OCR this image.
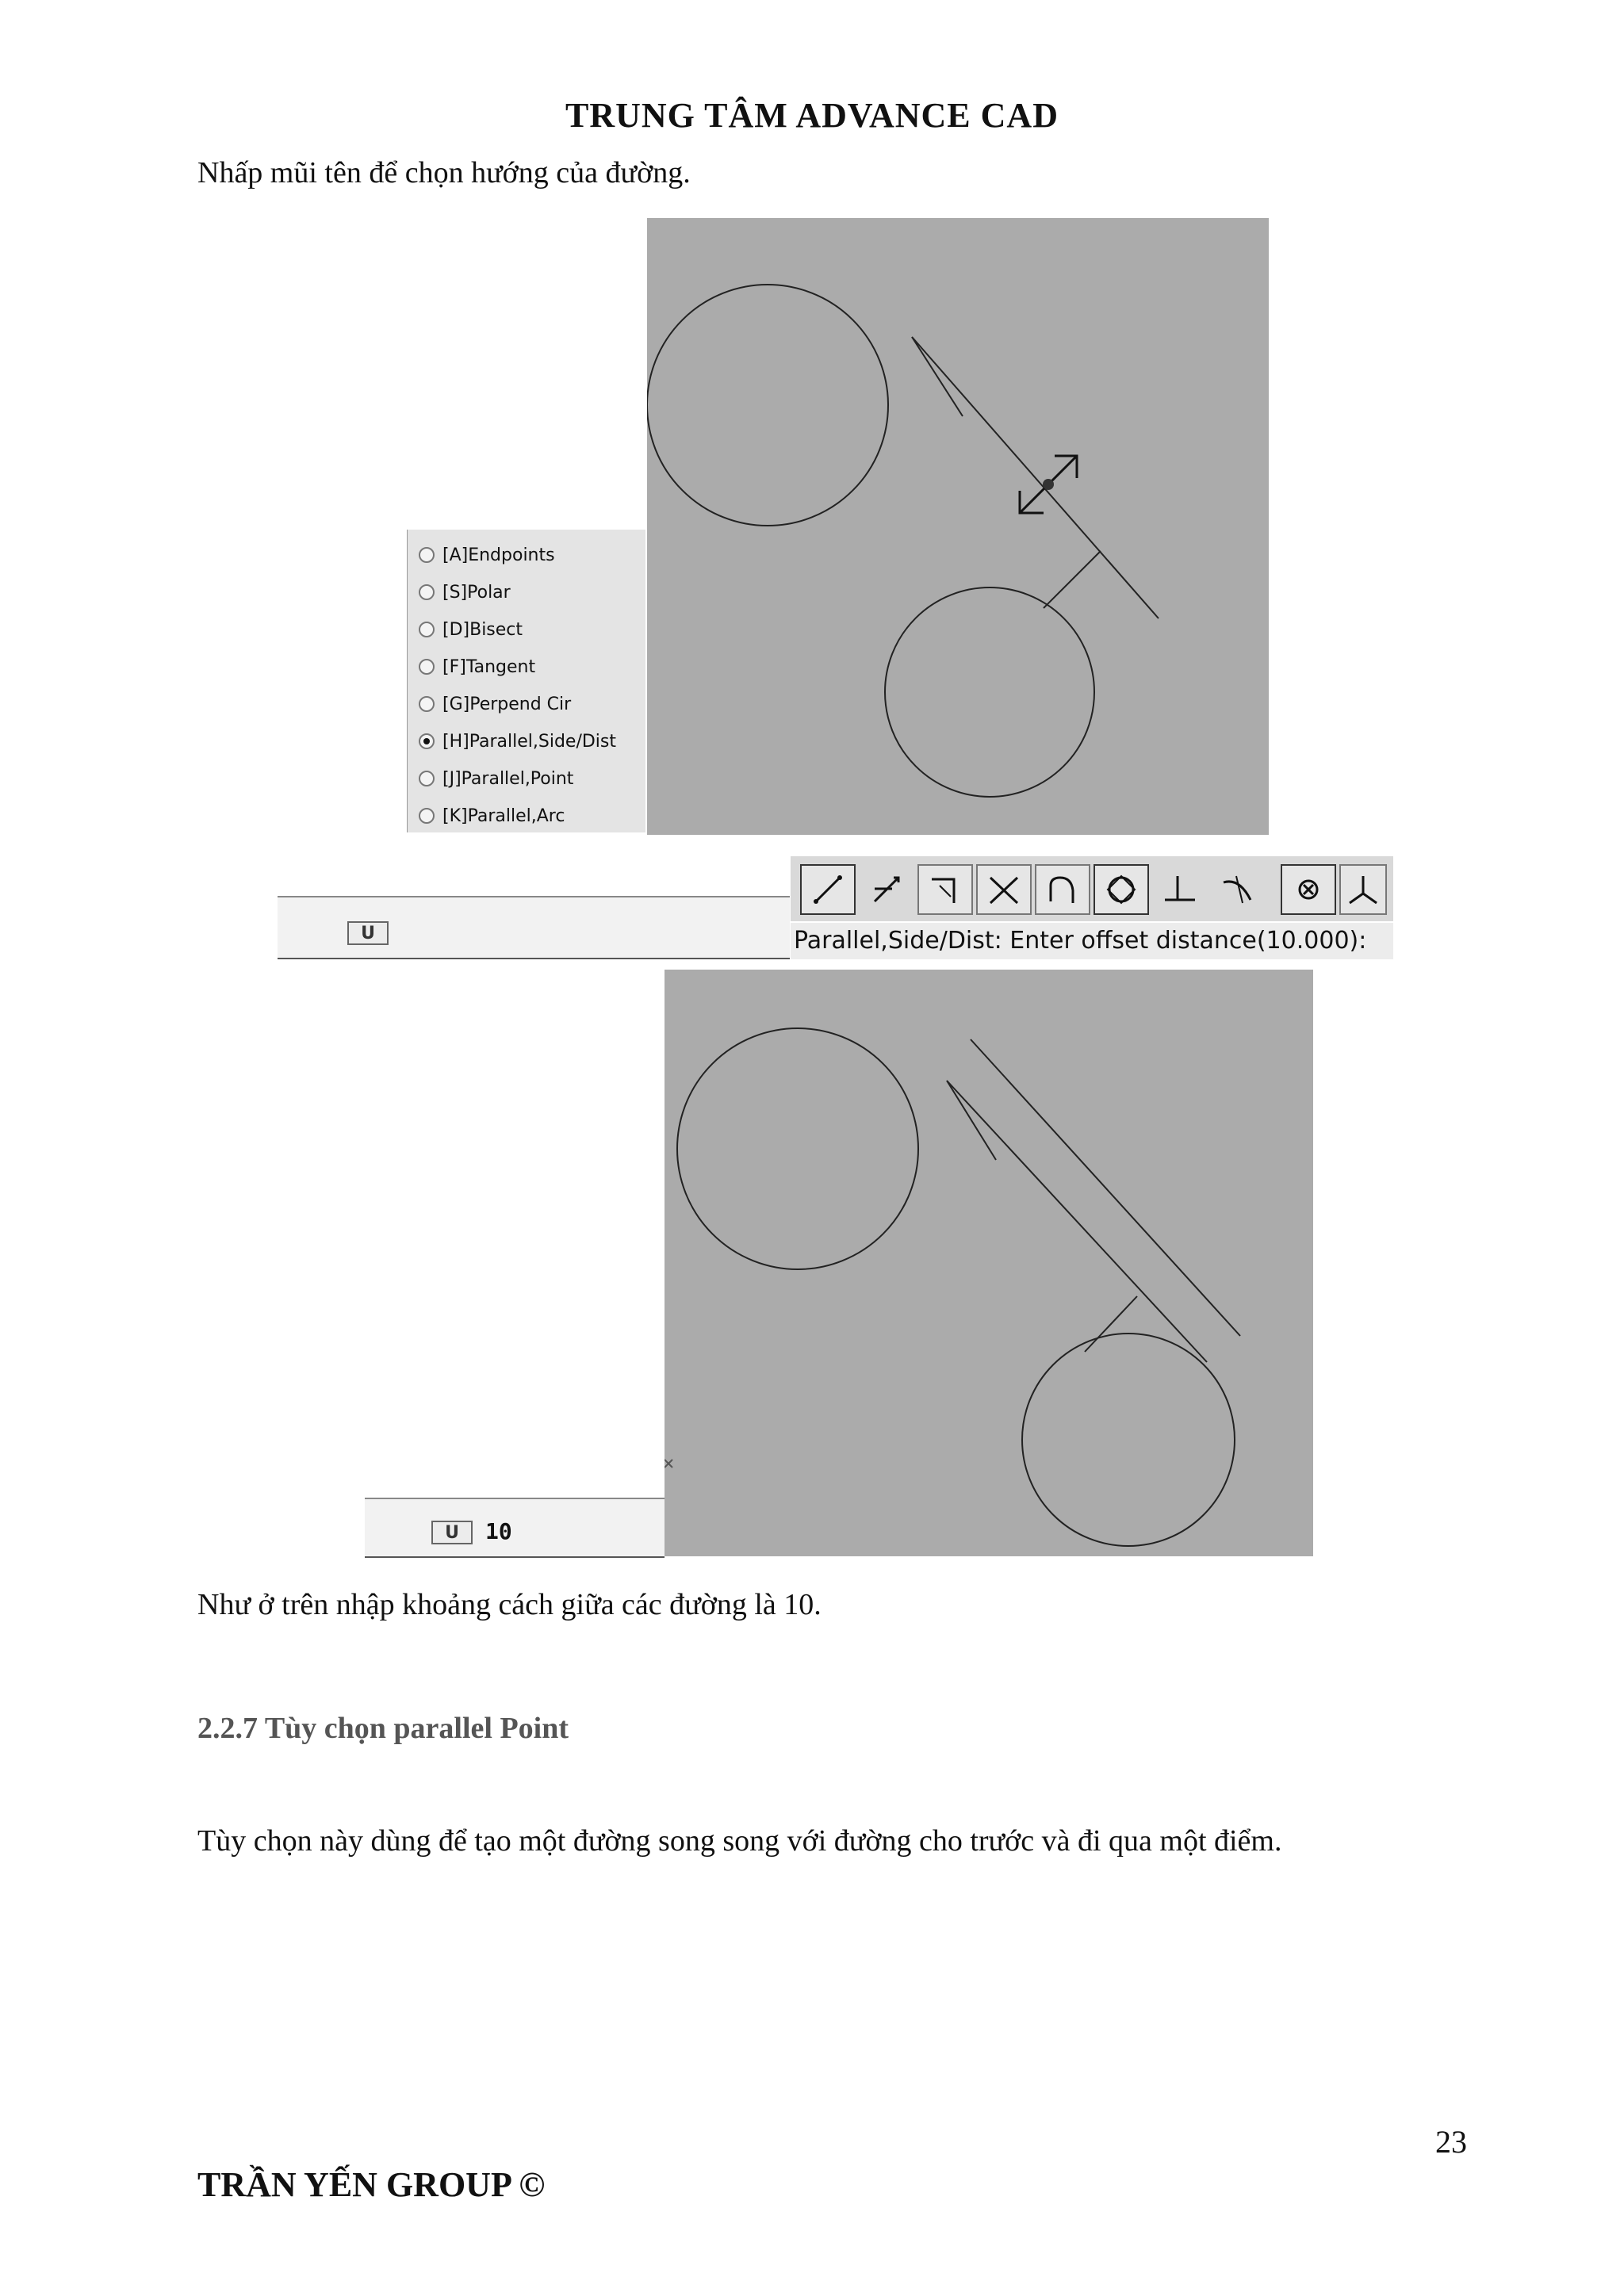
TRUNG TÂM ADVANCE CAD
Nhấp mũi tên để chọn hướng của đường.
[A]Endpoints
[S]Polar
[D]Bisect
[F]Tangent
[G]Perpend Cir
[H]Parallel,Side/Dist
[J]Parallel,Point
[K]Parallel,Arc
U	Parallel,Side/Dist: Enter offset distance(10.000):
U	10
Như ở trên nhập khoảng cách giữa các đường là 10.
2.2.7 Tùy chọn parallel Point
Tùy chọn này dùng để tạo một đường song song với đường cho trước và đi qua một điểm.
23
TRẦN YẾN GROUP ©
